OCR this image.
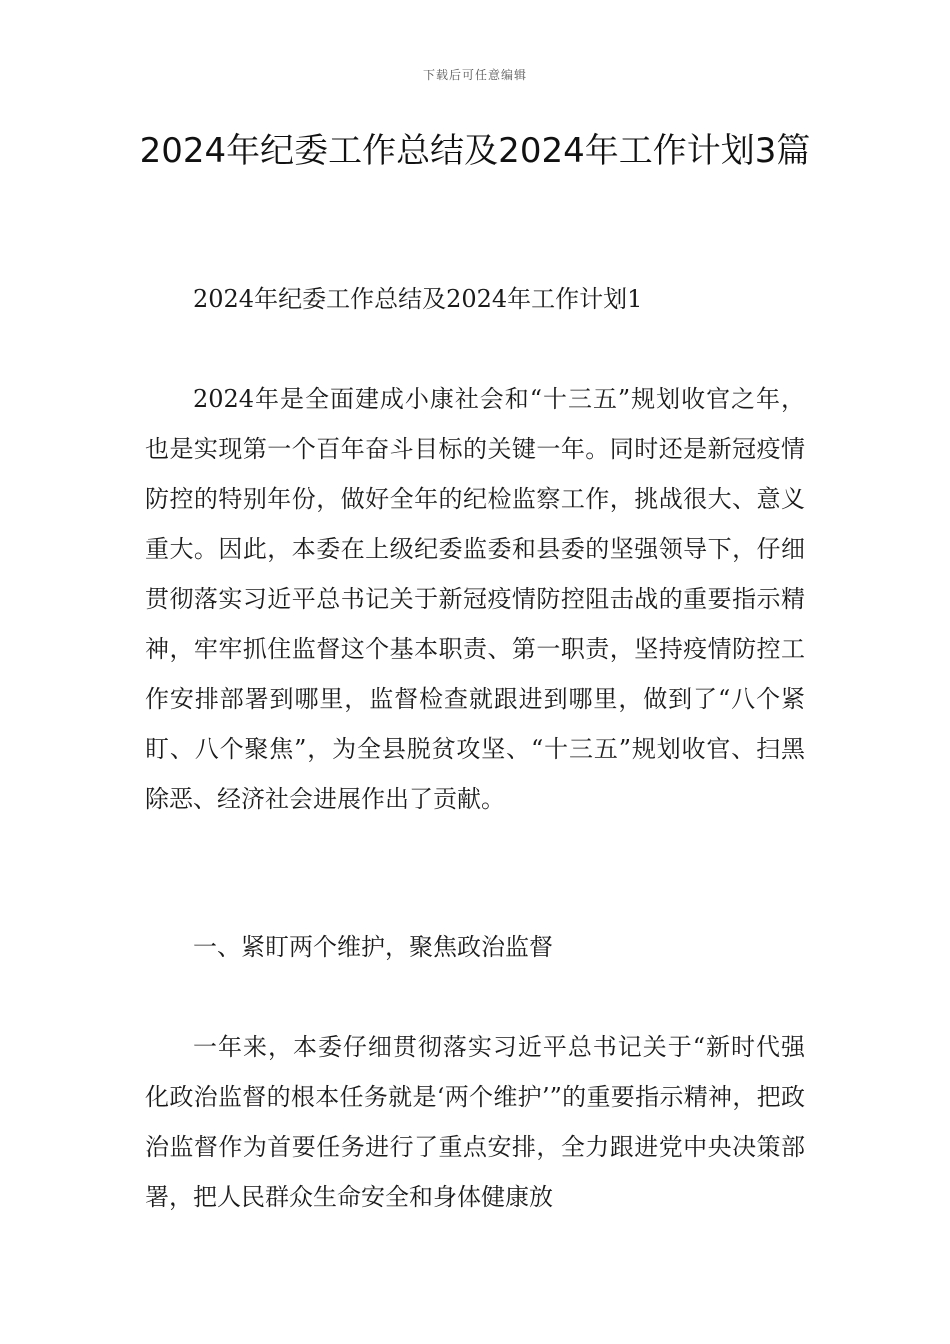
下载后可任意编辑
2024年纪委工作总结及2024年工作计划3篇

2024年纪委工作总结及2024年工作计划1

2024年是全面建成小康社会和“十三五”规划收官之年，也是实现第一个百年奋斗目标的关键一年。同时还是新冠疫情防控的特别年份，做好全年的纪检监察工作，挑战很大、意义重大。因此，本委在上级纪委监委和县委的坚强领导下，仔细贯彻落实习近平总书记关于新冠疫情防控阻击战的重要指示精神，牢牢抓住监督这个基本职责、第一职责，坚持疫情防控工作安排部署到哪里，监督检查就跟进到哪里，做到了“八个紧盯、八个聚焦”，为全县脱贫攻坚、“十三五”规划收官、扫黑除恶、经济社会进展作出了贡献。

一、紧盯两个维护，聚焦政治监督

一年来，本委仔细贯彻落实习近平总书记关于“新时代强化政治监督的根本任务就是‘两个维护’”的重要指示精神，把政治监督作为首要任务进行了重点安排，全力跟进党中央决策部署，把人民群众生命安全和身体健康放
